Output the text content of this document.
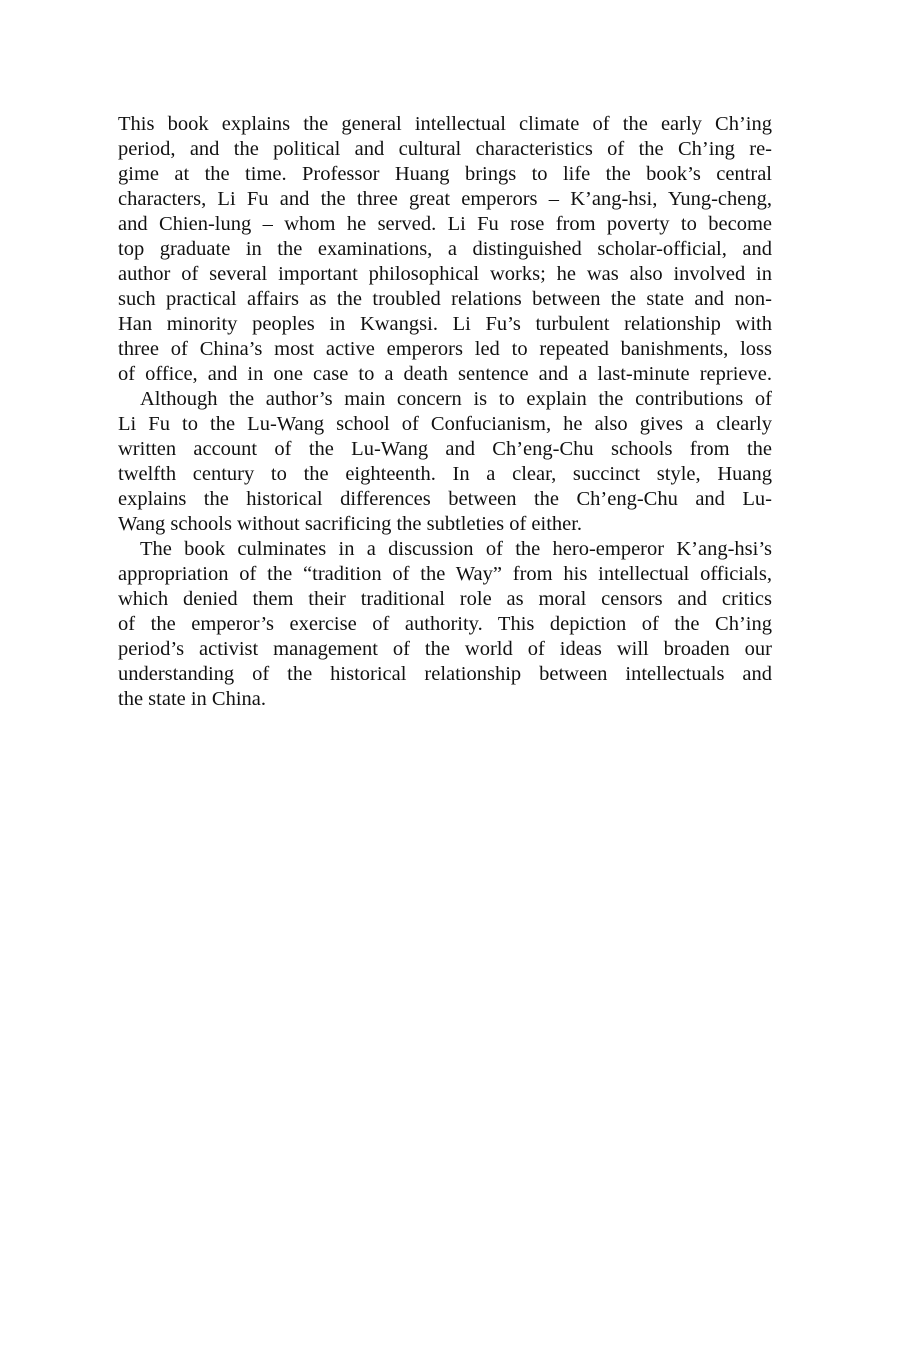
This book explains the general intellectual climate of the early Ch’ing

period, and the political and cultural characteristics of the Ch’ing re-

gime at the time. Professor Huang brings to life the book’s central

characters, Li Fu and the three great emperors – K’ang-hsi, Yung-cheng,

and Chien-lung – whom he served. Li Fu rose from poverty to become

top graduate in the examinations, a distinguished scholar-official, and

author of several important philosophical works; he was also involved in

such practical affairs as the troubled relations between the state and non-

Han minority peoples in Kwangsi. Li Fu’s turbulent relationship with

three of China’s most active emperors led to repeated banishments, loss

of office, and in one case to a death sentence and a last-minute reprieve.

Although the author’s main concern is to explain the contributions of

Li Fu to the Lu-Wang school of Confucianism, he also gives a clearly

written account of the Lu-Wang and Ch’eng-Chu schools from the

twelfth century to the eighteenth. In a clear, succinct style, Huang

explains the historical differences between the Ch’eng-Chu and Lu-

Wang schools without sacrificing the subtleties of either.

The book culminates in a discussion of the hero-emperor K’ang-hsi’s

appropriation of the “tradition of the Way” from his intellectual officials,

which denied them their traditional role as moral censors and critics

of the emperor’s exercise of authority. This depiction of the Ch’ing

period’s activist management of the world of ideas will broaden our

understanding of the historical relationship between intellectuals and

the state in China.
